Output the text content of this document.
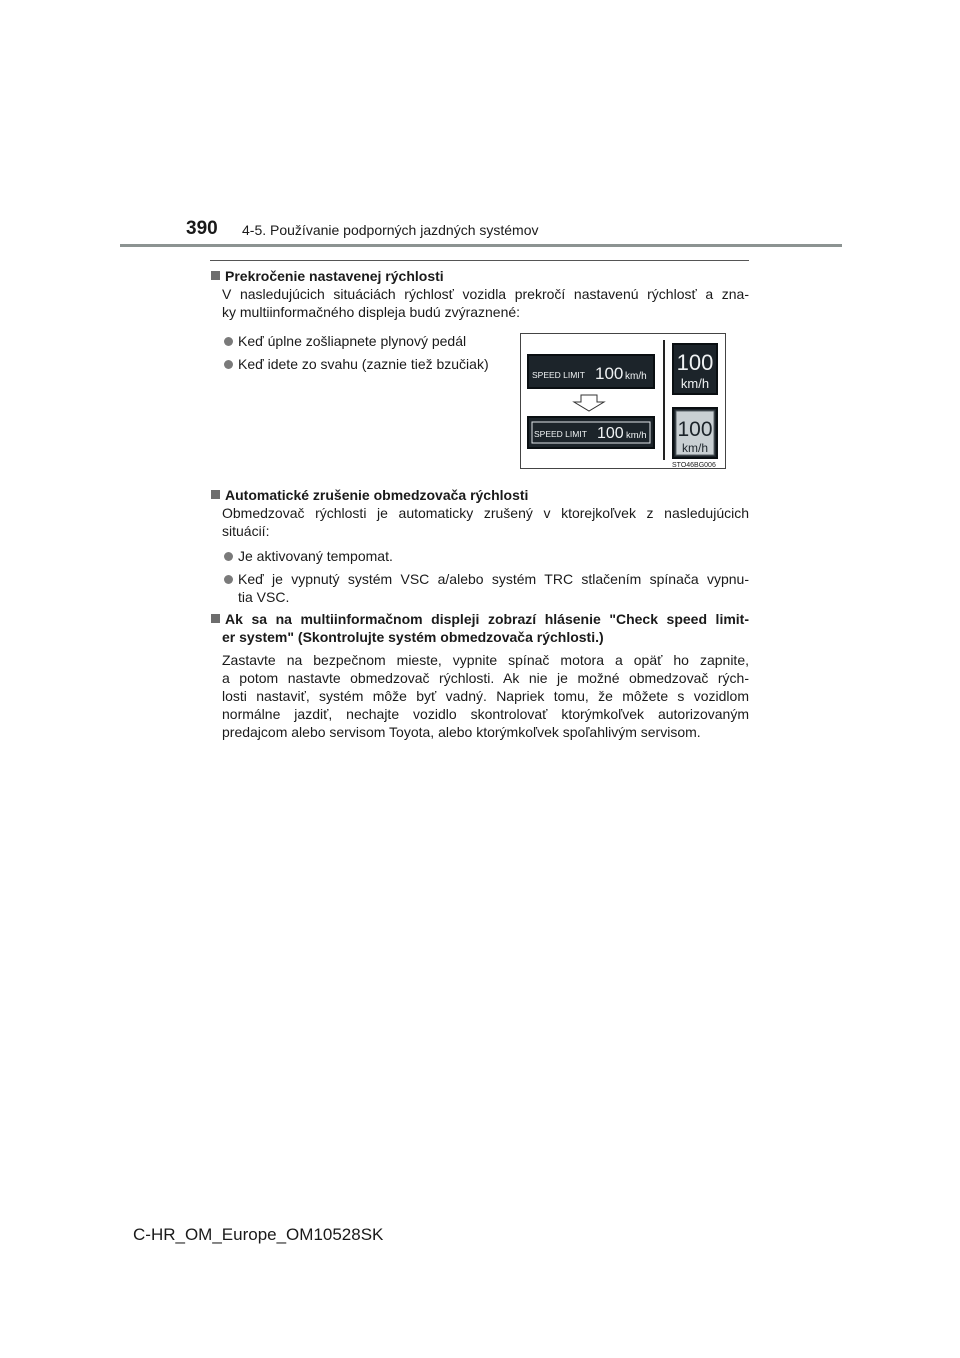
390 4-5. Používanie podporných jazdných systémov
Prekročenie nastavenej rýchlosti
V nasledujúcich situáciách rýchlosť vozidla prekročí nastavenú rýchlosť a zna-
ky multiinformačného displeja budú zvýraznené:
Keď úplne zošliapnete plynový pedál
Keď idete zo svahu (zaznie tiež bzučiak)
SPEED LIMIT 100 km/h
SPEED LIMIT 100 km/h
100
km/h
100
km/h
STO46BG006
Automatické zrušenie obmedzovača rýchlosti
Obmedzovač rýchlosti je automaticky zrušený v ktorejkoľvek z nasledujúcich
situácií:
Je aktivovaný tempomat.
Keď je vypnutý systém VSC a/alebo systém TRC stlačením spínača vypnu-
tia VSC.
Ak sa na multiinformačnom displeji zobrazí hlásenie "Check speed limit-
er system" (Skontrolujte systém obmedzovača rýchlosti.)
Zastavte na bezpečnom mieste, vypnite spínač motora a opäť ho zapnite,
a potom nastavte obmedzovač rýchlosti. Ak nie je možné obmedzovač rých-
losti nastaviť, systém môže byť vadný. Napriek tomu, že môžete s vozidlom
normálne jazdiť, nechajte vozidlo skontrolovať ktorýmkoľvek autorizovaným
predajcom alebo servisom Toyota, alebo ktorýmkoľvek spoľahlivým servisom.
C-HR_OM_Europe_OM10528SK
